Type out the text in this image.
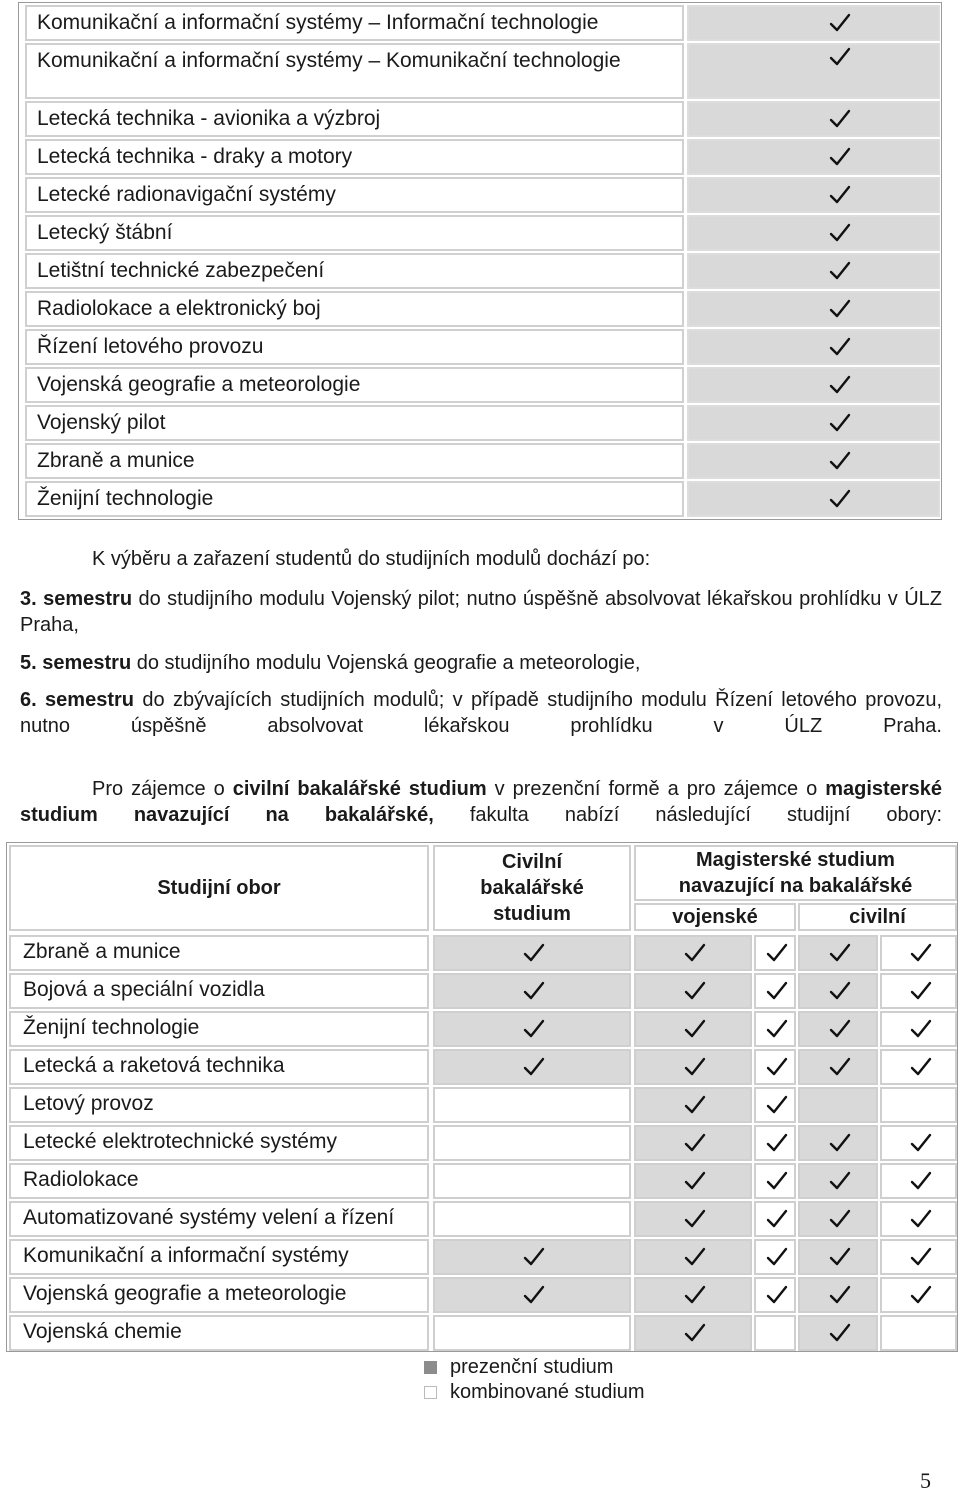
Komunikační a informační systémy – Informační technologie
Komunikační a informační systémy – Komunikační technologie
Letecká technika - avionika a výzbroj
Letecká technika - draky a motory
Letecké radionavigační systémy
Letecký štábní
Letištní technické zabezpečení
Radiolokace a elektronický boj
Řízení letového provozu
Vojenská geografie a meteorologie
Vojenský pilot
Zbraně a munice
Ženijní technologie
K výběru a zařazení studentů do studijních modulů dochází po:
3. semestru do studijního modulu Vojenský pilot; nutno úspěšně absolvovat lékařskou prohlídku v ÚLZ Praha,
5. semestru do studijního modulu Vojenská geografie a meteorologie,
6. semestru do zbývajících studijních modulů; v případě studijního modulu Řízení letového provozu, nutno úspěšně absolvovat lékařskou prohlídku v ÚLZ Praha.
Pro zájemce o civilní bakalářské studium v prezenční formě a pro zájemce o magisterské studium navazující na bakalářské, fakulta nabízí následující studijní obory:
Studijní obor
Civilní bakalářské studium
Magisterské studium navazující na bakalářské
vojenské	civilní
Zbraně a munice
Bojová a speciální vozidla
Ženijní technologie
Letecká a raketová technika
Letový provoz
Letecké elektrotechnické systémy
Radiolokace
Automatizované systémy velení a řízení
Komunikační a informační systémy
Vojenská geografie a meteorologie
Vojenská chemie
prezenční studium
kombinované studium
5
